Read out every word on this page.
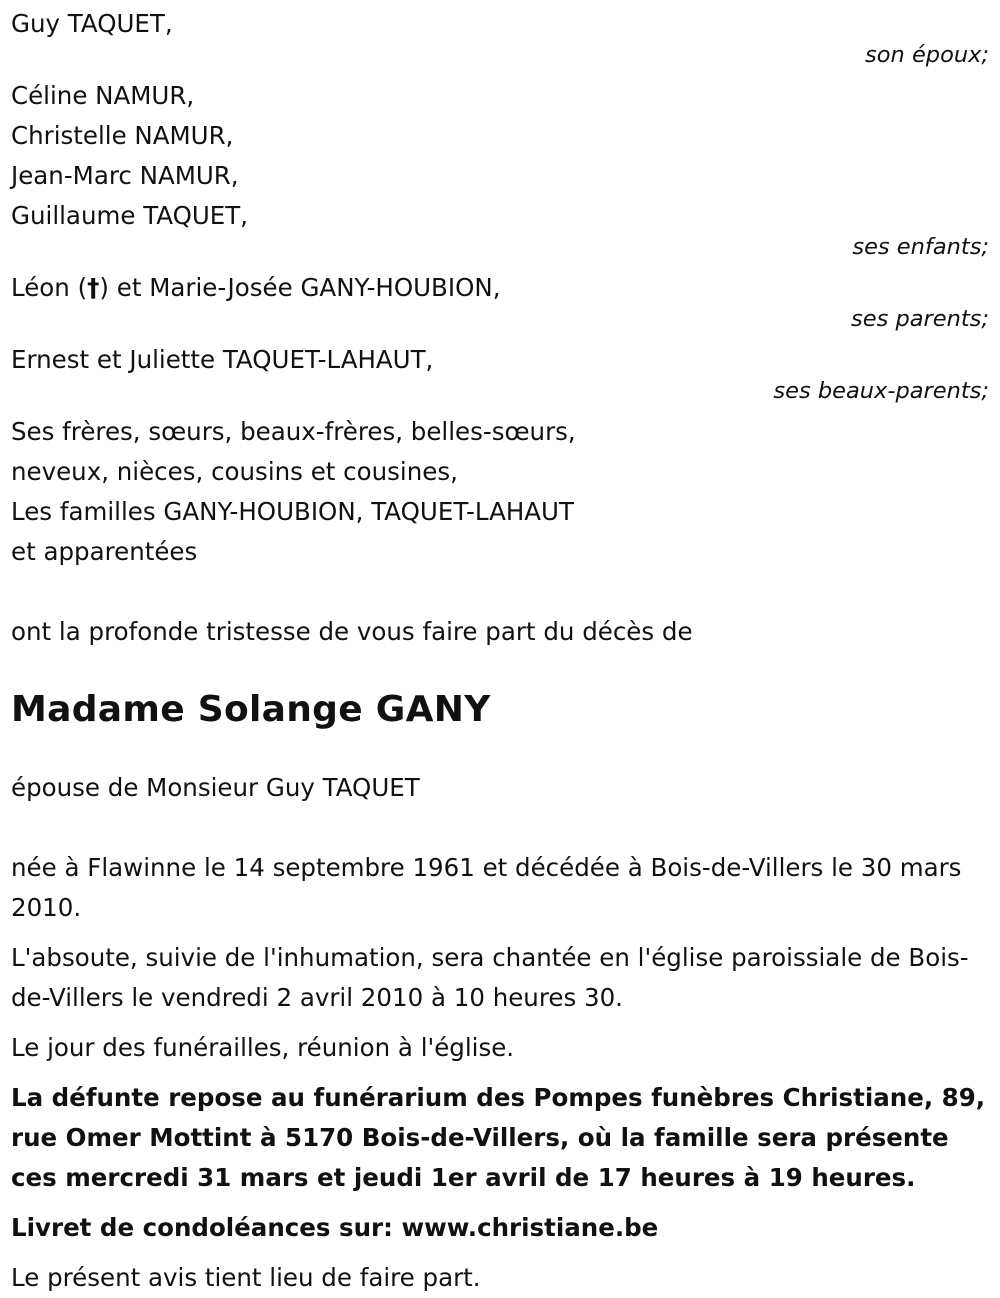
Guy TAQUET,
son époux;
Céline NAMUR,
Christelle NAMUR,
Jean-Marc NAMUR,
Guillaume TAQUET,
ses enfants;
Léon (†) et Marie-Josée GANY-HOUBION,
ses parents;
Ernest et Juliette TAQUET-LAHAUT,
ses beaux-parents;
Ses frères, sœurs, beaux-frères, belles-sœurs,
neveux, nièces, cousins et cousines,
Les familles GANY-HOUBION, TAQUET-LAHAUT
et apparentées
ont la profonde tristesse de vous faire part du décès de
Madame Solange GANY
épouse de Monsieur Guy TAQUET
née à Flawinne le 14 septembre 1961 et décédée à Bois-de-Villers le 30 mars 2010.
L'absoute, suivie de l'inhumation, sera chantée en l'église paroissiale de Bois-de-Villers le vendredi 2 avril 2010 à 10 heures 30.
Le jour des funérailles, réunion à l'église.
La défunte repose au funérarium des Pompes funèbres Christiane, 89, rue Omer Mottint à 5170 Bois-de-Villers, où la famille sera présente ces mercredi 31 mars et jeudi 1er avril de 17 heures à 19 heures.
Livret de condoléances sur: www.christiane.be
Le présent avis tient lieu de faire part.
